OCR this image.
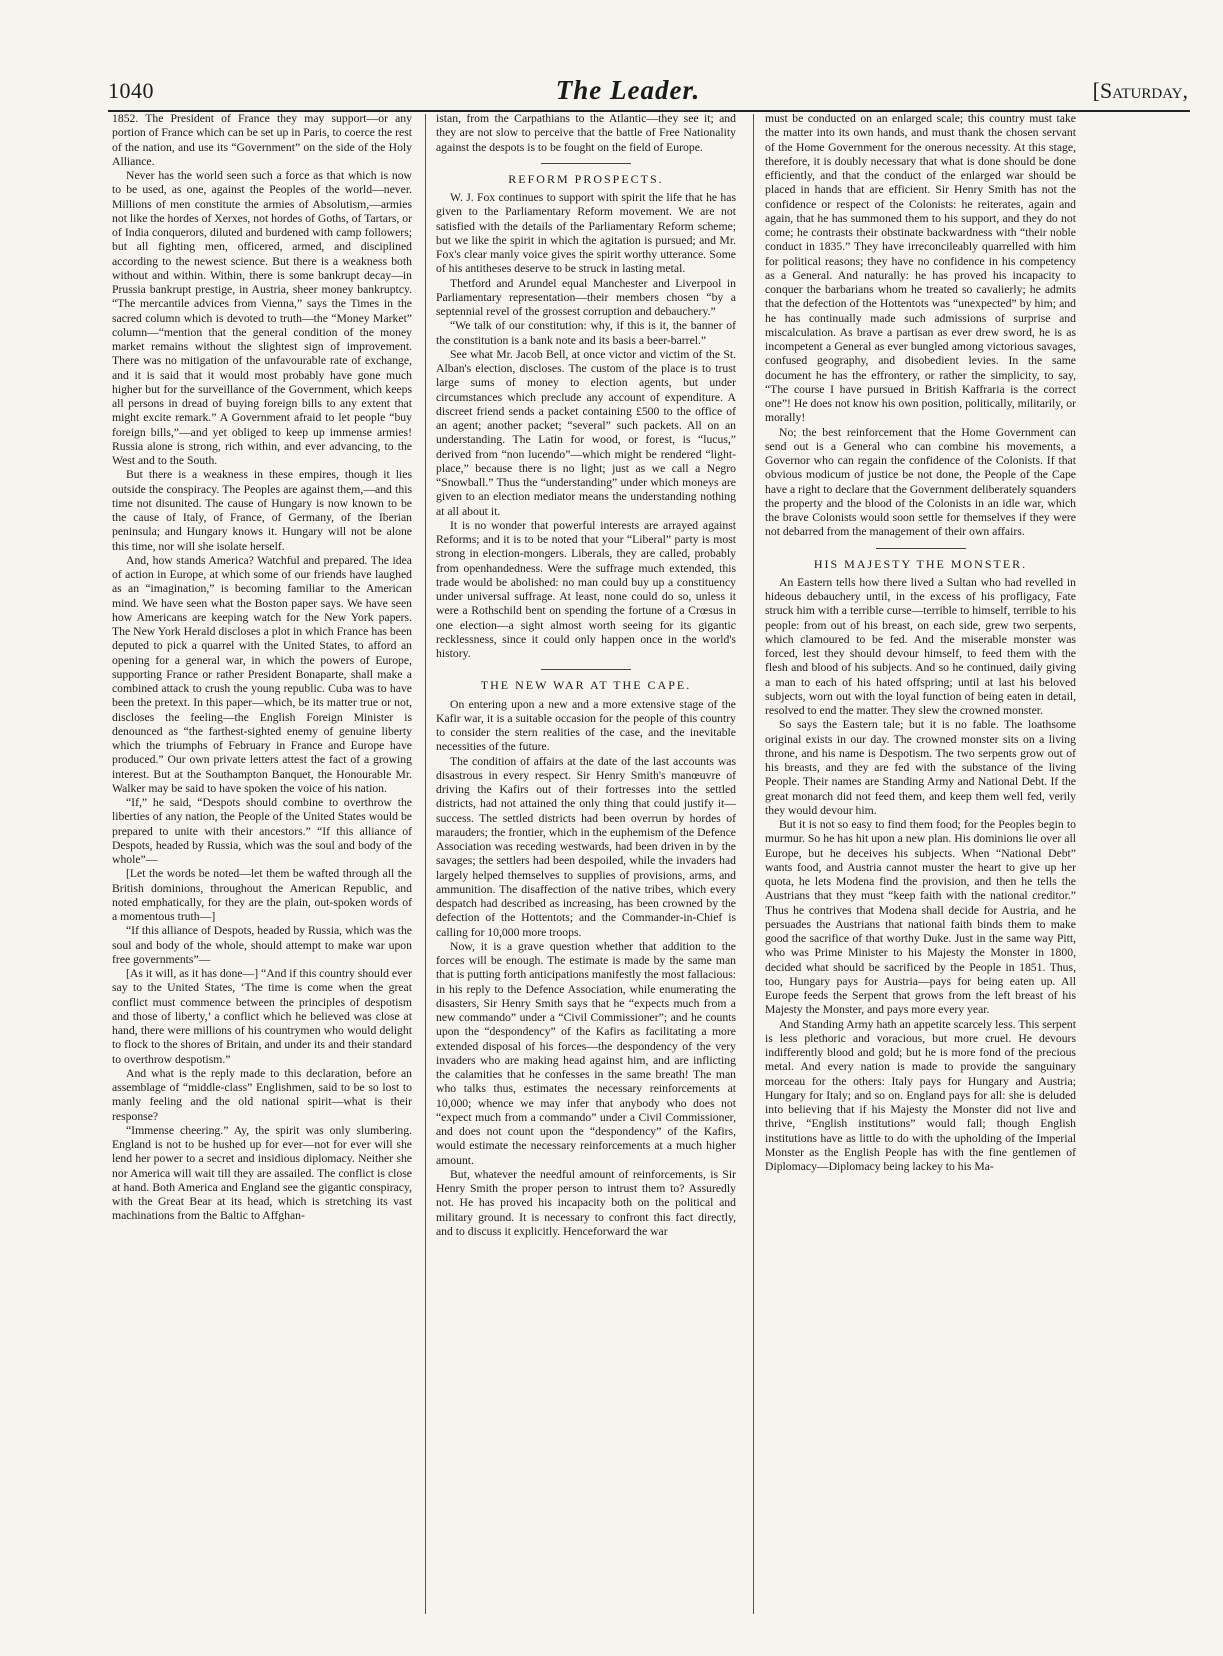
1040	The Leader.	[Saturday,

1852. The President of France they may support—or any portion of France which can be set up in Paris, to coerce the rest of the nation, and use its “Government” on the side of the Holy Alliance.

Never has the world seen such a force as that which is now to be used, as one, against the Peoples of the world—never. Millions of men constitute the armies of Absolutism,—armies not like the hordes of Xerxes, not hordes of Goths, of Tartars, or of India conquerors, diluted and burdened with camp followers; but all fighting men, officered, armed, and disciplined according to the newest science. But there is a weakness both without and within. Within, there is some bankrupt decay—in Prussia bankrupt prestige, in Austria, sheer money bankruptcy. “The mercantile advices from Vienna,” says the Times in the sacred column which is devoted to truth—the “Money Market” column—“mention that the general condition of the money market remains without the slightest sign of improvement. There was no mitigation of the unfavourable rate of exchange, and it is said that it would most probably have gone much higher but for the surveillance of the Government, which keeps all persons in dread of buying foreign bills to any extent that might excite remark.” A Government afraid to let people “buy foreign bills,”—and yet obliged to keep up immense armies! Russia alone is strong, rich within, and ever advancing, to the West and to the South.

But there is a weakness in these empires, though it lies outside the conspiracy. The Peoples are against them,—and this time not disunited. The cause of Hungary is now known to be the cause of Italy, of France, of Germany, of the Iberian peninsula; and Hungary knows it. Hungary will not be alone this time, nor will she isolate herself.

And, how stands America? Watchful and prepared. The idea of action in Europe, at which some of our friends have laughed as an “imagination,” is becoming familiar to the American mind. We have seen what the Boston paper says. We have seen how Americans are keeping watch for the New York papers. The New York Herald discloses a plot in which France has been deputed to pick a quarrel with the United States, to afford an opening for a general war, in which the powers of Europe, supporting France or rather President Bonaparte, shall make a combined attack to crush the young republic. Cuba was to have been the pretext. In this paper—which, be its matter true or not, discloses the feeling—the English Foreign Minister is denounced as “the farthest-sighted enemy of genuine liberty which the triumphs of February in France and Europe have produced.” Our own private letters attest the fact of a growing interest. But at the Southampton Banquet, the Honourable Mr. Walker may be said to have spoken the voice of his nation.

“If,” he said, “Despots should combine to overthrow the liberties of any nation, the People of the United States would be prepared to unite with their ancestors.” “If this alliance of Despots, headed by Russia, which was the soul and body of the whole”—

[Let the words be noted—let them be wafted through all the British dominions, throughout the American Republic, and noted emphatically, for they are the plain, out-spoken words of a momentous truth—]

“If this alliance of Despots, headed by Russia, which was the soul and body of the whole, should attempt to make war upon free governments”—

[As it will, as it has done—] “And if this country should ever say to the United States, ‘The time is come when the great conflict must commence between the principles of despotism and those of liberty,’ a conflict which he believed was close at hand, there were millions of his countrymen who would delight to flock to the shores of Britain, and under its and their standard to overthrow despotism.”

And what is the reply made to this declaration, before an assemblage of “middle-class” Englishmen, said to be so lost to manly feeling and the old national spirit—what is their response?

“Immense cheering.” Ay, the spirit was only slumbering. England is not to be hushed up for ever—not for ever will she lend her power to a secret and insidious diplomacy. Neither she nor America will wait till they are assailed. The conflict is close at hand. Both America and England see the gigantic conspiracy, with the Great Bear at its head, which is stretching its vast machinations from the Baltic to Affghan-

istan, from the Carpathians to the Atlantic—they see it; and they are not slow to perceive that the battle of Free Nationality against the despots is to be fought on the field of Europe.

REFORM PROSPECTS.

W. J. Fox continues to support with spirit the life that he has given to the Parliamentary Reform movement. We are not satisfied with the details of the Parliamentary Reform scheme; but we like the spirit in which the agitation is pursued; and Mr. Fox's clear manly voice gives the spirit worthy utterance. Some of his antitheses deserve to be struck in lasting metal.

Thetford and Arundel equal Manchester and Liverpool in Parliamentary representation—their members chosen “by a septennial revel of the grossest corruption and debauchery.”

“We talk of our constitution: why, if this is it, the banner of the constitution is a bank note and its basis a beer-barrel.”

See what Mr. Jacob Bell, at once victor and victim of the St. Alban's election, discloses. The custom of the place is to trust large sums of money to election agents, but under circumstances which preclude any account of expenditure. A discreet friend sends a packet containing £500 to the office of an agent; another packet; “several” such packets. All on an understanding. The Latin for wood, or forest, is “lucus,” derived from “non lucendo”—which might be rendered “light-place,” because there is no light; just as we call a Negro “Snowball.” Thus the “understanding” under which moneys are given to an election mediator means the understanding nothing at all about it.

It is no wonder that powerful interests are arrayed against Reforms; and it is to be noted that your “Liberal” party is most strong in election-mongers. Liberals, they are called, probably from openhandedness. Were the suffrage much extended, this trade would be abolished: no man could buy up a constituency under universal suffrage. At least, none could do so, unless it were a Rothschild bent on spending the fortune of a Crœsus in one election—a sight almost worth seeing for its gigantic recklessness, since it could only happen once in the world's history.

THE NEW WAR AT THE CAPE.

On entering upon a new and a more extensive stage of the Kafir war, it is a suitable occasion for the people of this country to consider the stern realities of the case, and the inevitable necessities of the future.

The condition of affairs at the date of the last accounts was disastrous in every respect. Sir Henry Smith's manœuvre of driving the Kafirs out of their fortresses into the settled districts, had not attained the only thing that could justify it—success. The settled districts had been overrun by hordes of marauders; the frontier, which in the euphemism of the Defence Association was receding westwards, had been driven in by the savages; the settlers had been despoiled, while the invaders had largely helped themselves to supplies of provisions, arms, and ammunition. The disaffection of the native tribes, which every despatch had described as increasing, has been crowned by the defection of the Hottentots; and the Commander-in-Chief is calling for 10,000 more troops.

Now, it is a grave question whether that addition to the forces will be enough. The estimate is made by the same man that is putting forth anticipations manifestly the most fallacious: in his reply to the Defence Association, while enumerating the disasters, Sir Henry Smith says that he “expects much from a new commando” under a “Civil Commissioner”; and he counts upon the “despondency” of the Kafirs as facilitating a more extended disposal of his forces—the despondency of the very invaders who are making head against him, and are inflicting the calamities that he confesses in the same breath! The man who talks thus, estimates the necessary reinforcements at 10,000; whence we may infer that anybody who does not “expect much from a commando” under a Civil Commissioner, and does not count upon the “despondency” of the Kafirs, would estimate the necessary reinforcements at a much higher amount.

But, whatever the needful amount of reinforcements, is Sir Henry Smith the proper person to intrust them to? Assuredly not. He has proved his incapacity both on the political and military ground. It is necessary to confront this fact directly, and to discuss it explicitly. Henceforward the war

must be conducted on an enlarged scale; this country must take the matter into its own hands, and must thank the chosen servant of the Home Government for the onerous necessity. At this stage, therefore, it is doubly necessary that what is done should be done efficiently, and that the conduct of the enlarged war should be placed in hands that are efficient. Sir Henry Smith has not the confidence or respect of the Colonists: he reiterates, again and again, that he has summoned them to his support, and they do not come; he contrasts their obstinate backwardness with “their noble conduct in 1835.” They have irreconcileably quarrelled with him for political reasons; they have no confidence in his competency as a General. And naturally: he has proved his incapacity to conquer the barbarians whom he treated so cavalierly; he admits that the defection of the Hottentots was “unexpected” by him; and he has continually made such admissions of surprise and miscalculation. As brave a partisan as ever drew sword, he is as incompetent a General as ever bungled among victorious savages, confused geography, and disobedient levies. In the same document he has the effrontery, or rather the simplicity, to say, “The course I have pursued in British Kaffraria is the correct one”! He does not know his own position, politically, militarily, or morally!

No; the best reinforcement that the Home Government can send out is a General who can combine his movements, a Governor who can regain the confidence of the Colonists. If that obvious modicum of justice be not done, the People of the Cape have a right to declare that the Government deliberately squanders the property and the blood of the Colonists in an idle war, which the brave Colonists would soon settle for themselves if they were not debarred from the management of their own affairs.

HIS MAJESTY THE MONSTER.

An Eastern tells how there lived a Sultan who had revelled in hideous debauchery until, in the excess of his profligacy, Fate struck him with a terrible curse—terrible to himself, terrible to his people: from out of his breast, on each side, grew two serpents, which clamoured to be fed. And the miserable monster was forced, lest they should devour himself, to feed them with the flesh and blood of his subjects. And so he continued, daily giving a man to each of his hated offspring; until at last his beloved subjects, worn out with the loyal function of being eaten in detail, resolved to end the matter. They slew the crowned monster.

So says the Eastern tale; but it is no fable. The loathsome original exists in our day. The crowned monster sits on a living throne, and his name is Despotism. The two serpents grow out of his breasts, and they are fed with the substance of the living People. Their names are Standing Army and National Debt. If the great monarch did not feed them, and keep them well fed, verily they would devour him.

But it is not so easy to find them food; for the Peoples begin to murmur. So he has hit upon a new plan. His dominions lie over all Europe, but he deceives his subjects. When “National Debt” wants food, and Austria cannot muster the heart to give up her quota, he lets Modena find the provision, and then he tells the Austrians that they must “keep faith with the national creditor.” Thus he contrives that Modena shall decide for Austria, and he persuades the Austrians that national faith binds them to make good the sacrifice of that worthy Duke. Just in the same way Pitt, who was Prime Minister to his Majesty the Monster in 1800, decided what should be sacrificed by the People in 1851. Thus, too, Hungary pays for Austria—pays for being eaten up. All Europe feeds the Serpent that grows from the left breast of his Majesty the Monster, and pays more every year.

And Standing Army hath an appetite scarcely less. This serpent is less plethoric and voracious, but more cruel. He devours indifferently blood and gold; but he is more fond of the precious metal. And every nation is made to provide the sanguinary morceau for the others: Italy pays for Hungary and Austria; Hungary for Italy; and so on. England pays for all: she is deluded into believing that if his Majesty the Monster did not live and thrive, “English institutions” would fall; though English institutions have as little to do with the upholding of the Imperial Monster as the English People has with the fine gentlemen of Diplomacy—Diplomacy being lackey to his Ma-
